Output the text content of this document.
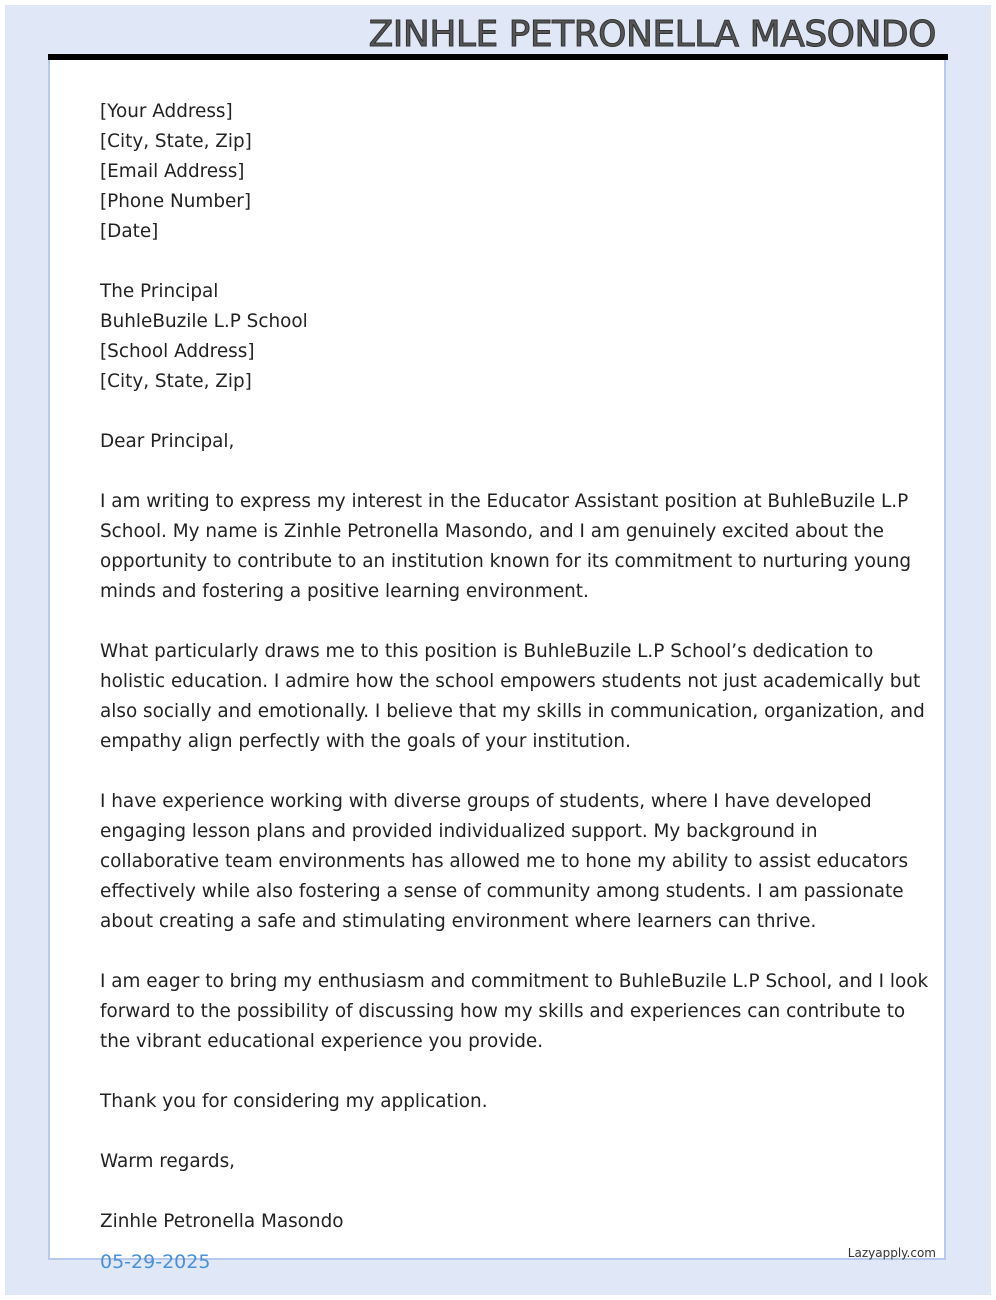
ZINHLE PETRONELLA MASONDO
[Your Address]
[City, State, Zip]
[Email Address]
[Phone Number]
[Date]
The Principal
BuhleBuzile L.P School
[School Address]
[City, State, Zip]
Dear Principal,
I am writing to express my interest in the Educator Assistant position at BuhleBuzile L.P
School. My name is Zinhle Petronella Masondo, and I am genuinely excited about the
opportunity to contribute to an institution known for its commitment to nurturing young
minds and fostering a positive learning environment.
What particularly draws me to this position is BuhleBuzile L.P School’s dedication to
holistic education. I admire how the school empowers students not just academically but
also socially and emotionally. I believe that my skills in communication, organization, and
empathy align perfectly with the goals of your institution.
I have experience working with diverse groups of students, where I have developed
engaging lesson plans and provided individualized support. My background in
collaborative team environments has allowed me to hone my ability to assist educators
effectively while also fostering a sense of community among students. I am passionate
about creating a safe and stimulating environment where learners can thrive.
I am eager to bring my enthusiasm and commitment to BuhleBuzile L.P School, and I look
forward to the possibility of discussing how my skills and experiences can contribute to
the vibrant educational experience you provide.
Thank you for considering my application.
Warm regards,
Zinhle Petronella Masondo
05-29-2025	Lazyapply.com
